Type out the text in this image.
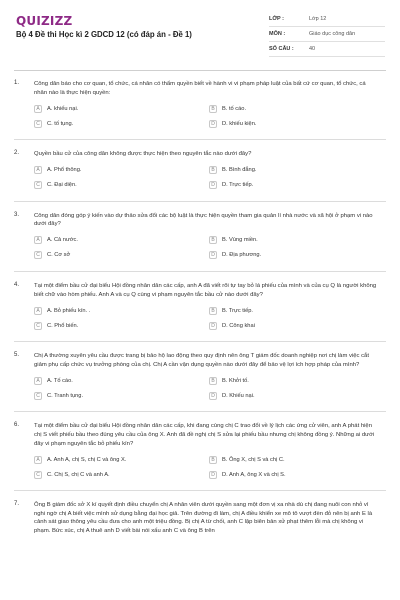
QUIZIZZ
Bộ 4 Đề thi Học kì 2 GDCD 12 (có đáp án - Đề 1)
LỚP :	Lớp 12
MÔN :	Giáo dục công dân
SỐ CÂU :	40
1.	Công dân báo cho cơ quan, tổ chức, cá nhân có thẩm quyền biết về hành vi vi phạm pháp luật của bất cứ cơ quan, tổ chức, cá nhân nào là thực hiện quyền:
A	A. khiếu nại.	B	B. tố cáo.
C	C. tố tụng.	D	D. khiếu kiện.
2.	Quyền bầu cử của công dân không được thực hiện theo nguyên tắc nào dưới đây?
A	A. Phổ thông.	B	B. Bình đẳng.
C	C. Đại diện.	D	D. Trực tiếp.
3.	Công dân đóng góp ý kiến vào dự thảo sửa đổi các bộ luật là thực hiện quyền tham gia quản lí nhà nước và xã hội ở phạm vi nào dưới đây?
A	A. Cả nước.	B	B. Vùng miền.
C	C. Cơ sở	D	D. Địa phương.
4.	Tại một điểm bầu cử đại biểu Hội đồng nhân dân các cấp, anh A đã viết rõi tự tay bỏ lá phiếu của mình và của cụ Q là người không biết chữ vào hòm phiếu. Anh A và cụ Q cùng vi phạm nguyên tắc bầu cử nào dưới đây?
A	A. Bỏ phiếu kín. .	B	B. Trực tiếp.
C	C. Phổ biến.	D	D. Công khai
5.	Chị A thường xuyên yêu cầu được trang bị bảo hộ lao động theo quy định nên ông T giám đốc doanh nghiệp nơi chị làm việc cắt giảm phụ cấp chức vụ trưởng phòng của chị. Chị A cần vận dụng quyền nào dưới đây để bảo vệ lợi ích hợp pháp của mình?
A	A. Tố cáo.	B	B. Khởi tố.
C	C. Tranh tụng.	D	D. Khiếu nại.
6.	Tại một điểm bầu cử đại biểu Hội đồng nhân dân các cấp, khi đang cùng chị C trao đổi về lý lịch các ứng cử viên, anh A phát hiện chị S viết phiếu bầu theo đúng yêu cầu của ông X. Anh đã đề nghị chị S sửa lại phiếu bầu nhưng chị không đồng ý. Những ai dưới đây vi phạm nguyên tắc bỏ phiếu kín?
A	A. Anh A, chị S, chị C và ông X.	B	B. Ông X, chị S và chị C.
C	C. Chị S, chị C và anh A.	D	D. Anh A, ông X và chị S.
7.	Ông B giám đốc sở X kí quyết định điều chuyển chị A nhân viên dưới quyền sang một đơn vị xa nhà dù chị đang nuôi con nhỏ vì nghi ngờ chị A biết việc mình sử dụng bằng đại học giả. Trên đường đi làm, chị A điều khiển xe mô tô vượt đèn đỏ nên bị anh E là cảnh sát giao thông yêu cầu đưa cho anh một triệu đồng. Bị chị A từ chối, anh C lập biên bản xử phạt thêm lỗi mà chị không vi phạm. Bức xúc, chị A thuê anh D viết bài nói xấu anh C và ông B trên
